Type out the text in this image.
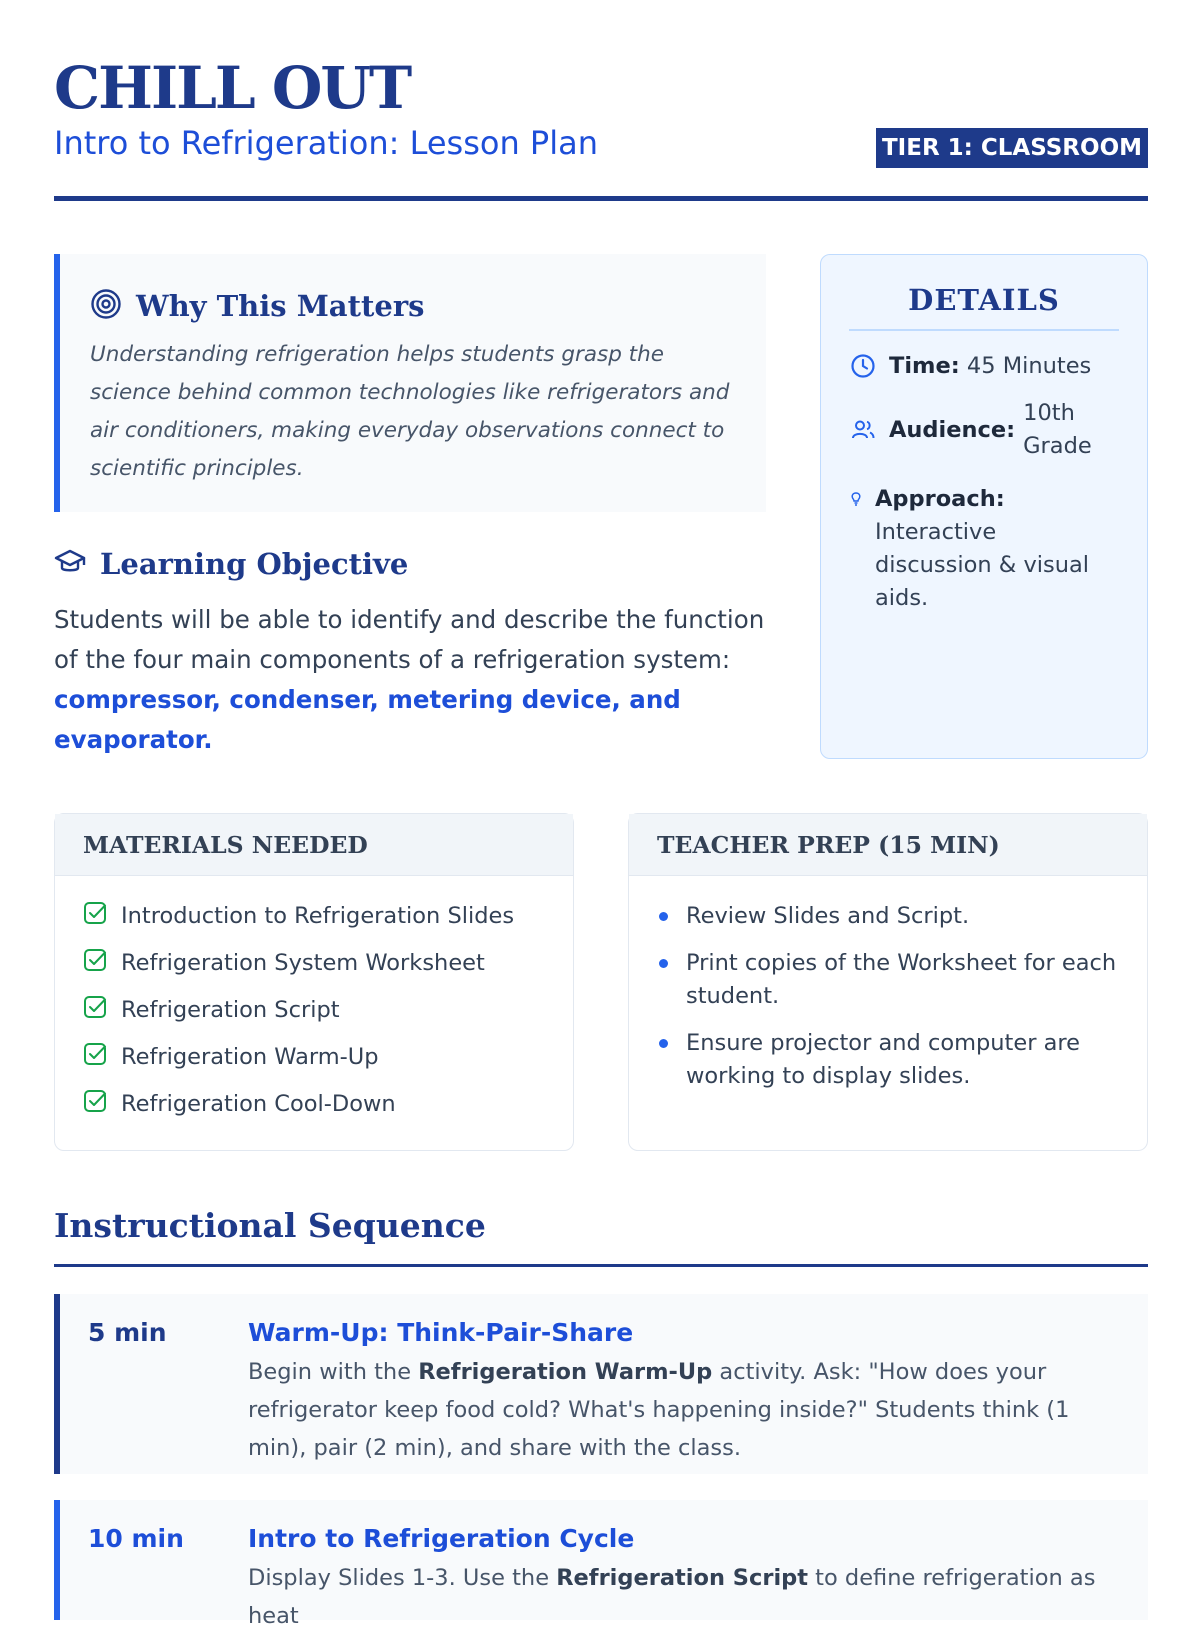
CHILL OUT
Intro to Refrigeration: Lesson Plan	TIER 1: CLASSROOM
Why This Matters

Understanding refrigeration helps students grasp the science behind common technologies like refrigerators and air conditioners, making everyday observations connect to scientific principles.

Learning Objective

Students will be able to identify and describe the function of the four main components of a refrigeration system: compressor, condenser, metering device, and evaporator.

DETAILS
Time: 45 Minutes
Audience:
10th
Grade
Approach: Interactive discussion & visual aids.
MATERIALS NEEDED
Introduction to Refrigeration Slides
Refrigeration System Worksheet
Refrigeration Script
Refrigeration Warm-Up
Refrigeration Cool-Down
TEACHER PREP (15 MIN)
Review Slides and Script.
Print copies of the Worksheet for each student.
Ensure projector and computer are working to display slides.
Instructional Sequence
5 min	Warm-Up: Think-Pair-Share
Begin with the Refrigeration Warm-Up activity. Ask: "How does your refrigerator keep food cold? What's happening inside?" Students think (1 min), pair (2 min), and share with the class.
10 min	Intro to Refrigeration Cycle
Display Slides 1-3. Use the Refrigeration Script to define refrigeration as heat
